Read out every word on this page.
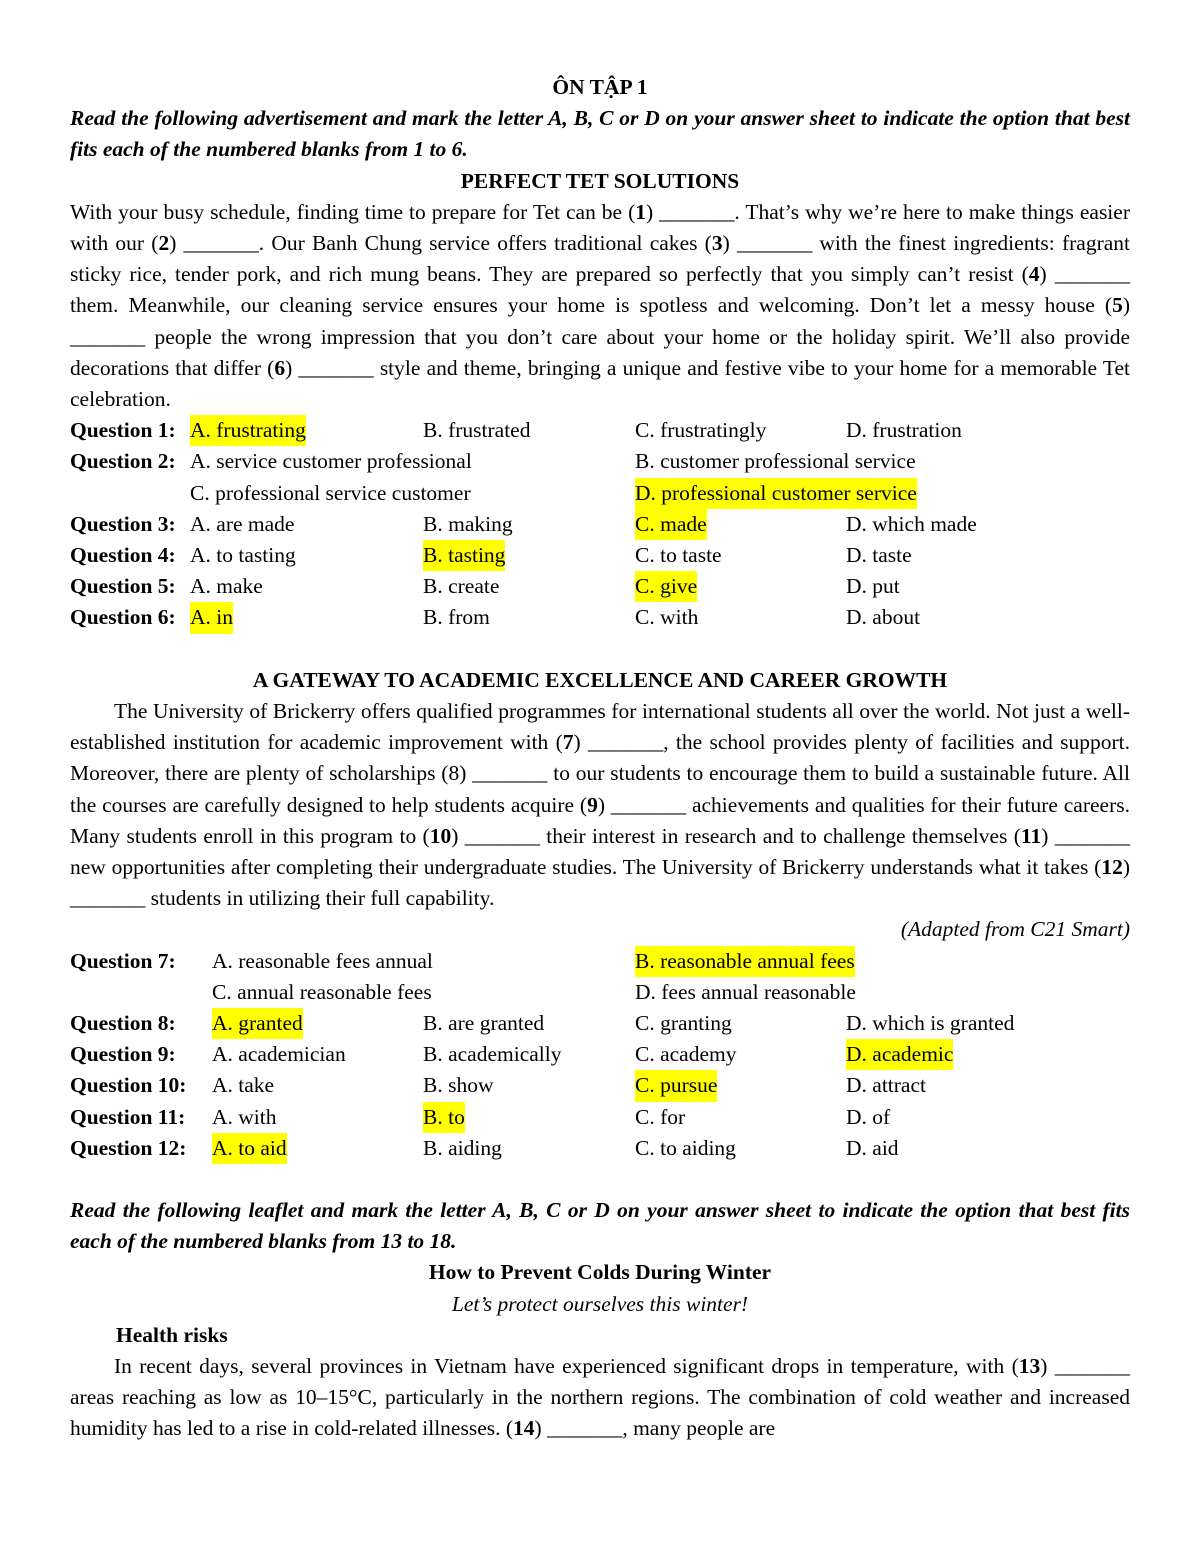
ÔN TẬP 1
Read the following advertisement and mark the letter A, B, C or D on your answer sheet to indicate the option that best fits each of the numbered blanks from 1 to 6.
PERFECT TET SOLUTIONS
With your busy schedule, finding time to prepare for Tet can be (1) _______. That’s why we’re here to make things easier with our (2) _______. Our Banh Chung service offers traditional cakes (3) _______ with the finest ingredients: fragrant sticky rice, tender pork, and rich mung beans. They are prepared so perfectly that you simply can’t resist (4) _______ them. Meanwhile, our cleaning service ensures your home is spotless and welcoming. Don’t let a messy house (5) _______ people the wrong impression that you don’t care about your home or the holiday spirit. We’ll also provide decorations that differ (6) _______ style and theme, bringing a unique and festive vibe to your home for a memorable Tet celebration.
Question 1: A. frustrating	B. frustrated	C. frustratingly	D. frustration
Question 2: A. service customer professional	B. customer professional service
C. professional service customer	D. professional customer service
Question 3: A. are made	B. making	C. made	D. which made
Question 4: A. to tasting	B. tasting	C. to taste	D. taste
Question 5: A. make	B. create	C. give	D. put
Question 6: A. in	B. from	C. with	D. about
A GATEWAY TO ACADEMIC EXCELLENCE AND CAREER GROWTH
The University of Brickerry offers qualified programmes for international students all over the world. Not just a well-established institution for academic improvement with (7) _______, the school provides plenty of facilities and support. Moreover, there are plenty of scholarships (8) _______ to our students to encourage them to build a sustainable future. All the courses are carefully designed to help students acquire (9) _______ achievements and qualities for their future careers. Many students enroll in this program to (10) _______ their interest in research and to challenge themselves (11) _______ new opportunities after completing their undergraduate studies. The University of Brickerry understands what it takes (12) _______ students in utilizing their full capability.
(Adapted from C21 Smart)
Question 7: A. reasonable fees annual	B. reasonable annual fees
C. annual reasonable fees	D. fees annual reasonable
Question 8: A. granted	B. are granted	C. granting	D. which is granted
Question 9: A. academician	B. academically	C. academy	D. academic
Question 10: A. take	B. show	C. pursue	D. attract
Question 11: A. with	B. to	C. for	D. of
Question 12: A. to aid	B. aiding	C. to aiding	D. aid
Read the following leaflet and mark the letter A, B, C or D on your answer sheet to indicate the option that best fits each of the numbered blanks from 13 to 18.
How to Prevent Colds During Winter
Let’s protect ourselves this winter!
Health risks
In recent days, several provinces in Vietnam have experienced significant drops in temperature, with (13) _______ areas reaching as low as 10–15°C, particularly in the northern regions. The combination of cold weather and increased humidity has led to a rise in cold-related illnesses. (14) _______, many people are
